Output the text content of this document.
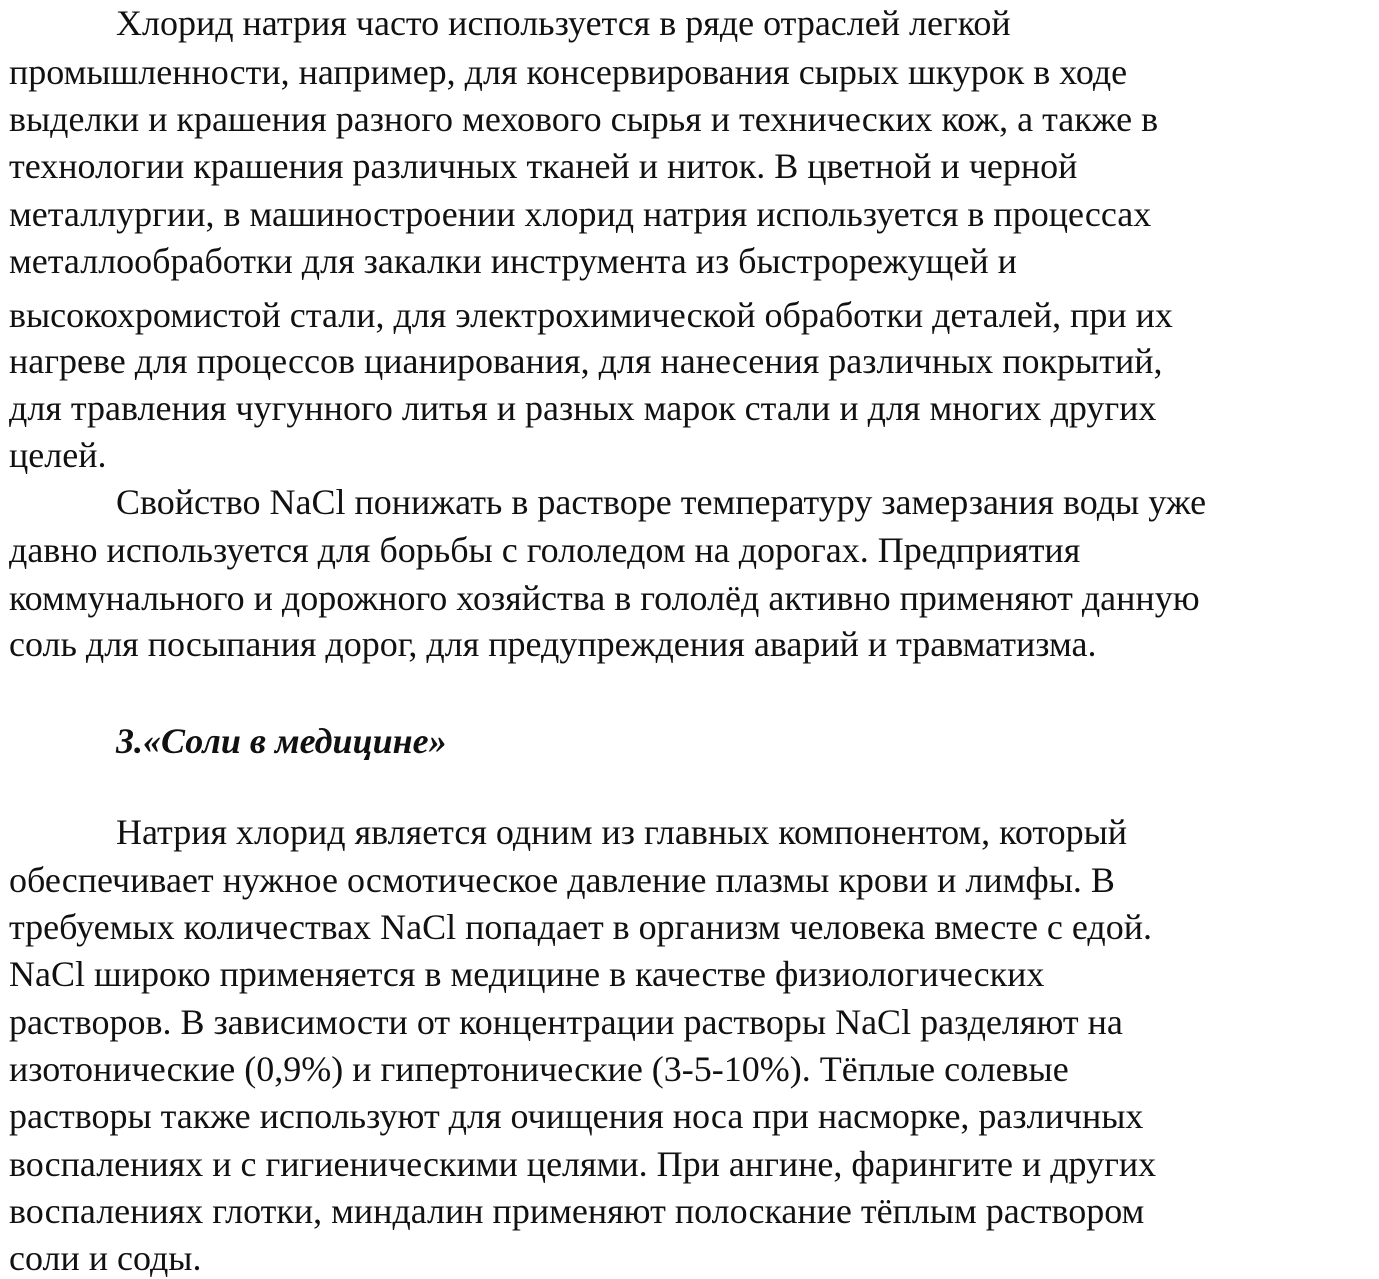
Хлорид натрия часто используется в ряде отраслей легкой
промышленности, например, для консервирования сырых шкурок в ходе
выделки и крашения разного мехового сырья и технических кож, а также в
технологии крашения различных тканей и ниток. В цветной и черной
металлургии, в машиностроении хлорид натрия используется в процессах
металлообработки для закалки инструмента из быстрорежущей и
высокохромистой стали, для электрохимической обработки деталей, при их
нагреве для процессов цианирования, для нанесения различных покрытий,
для травления чугунного литья и разных марок стали и для многих других
целей.
Свойство NaCl понижать в растворе температуру замерзания воды уже
давно используется для борьбы с гололедом на дорогах. Предприятия
коммунального и дорожного хозяйства в гололёд активно применяют данную
соль для посыпания дорог, для предупреждения аварий и травматизма.
3.«Соли в медицине»
Натрия хлорид является одним из главных компонентом, который
обеспечивает нужное осмотическое давление плазмы крови и лимфы. В
требуемых количествах NaCl попадает в организм человека вместе с едой.
NaCl широко применяется в медицине в качестве физиологических
растворов. В зависимости от концентрации растворы NaCl разделяют на
изотонические (0,9%) и гипертонические (3-5-10%). Тёплые солевые
растворы также используют для очищения носа при насморке, различных
воспалениях и с гигиеническими целями. При ангине, фарингите и других
воспалениях глотки, миндалин применяют полоскание тёплым раствором
соли и соды.
